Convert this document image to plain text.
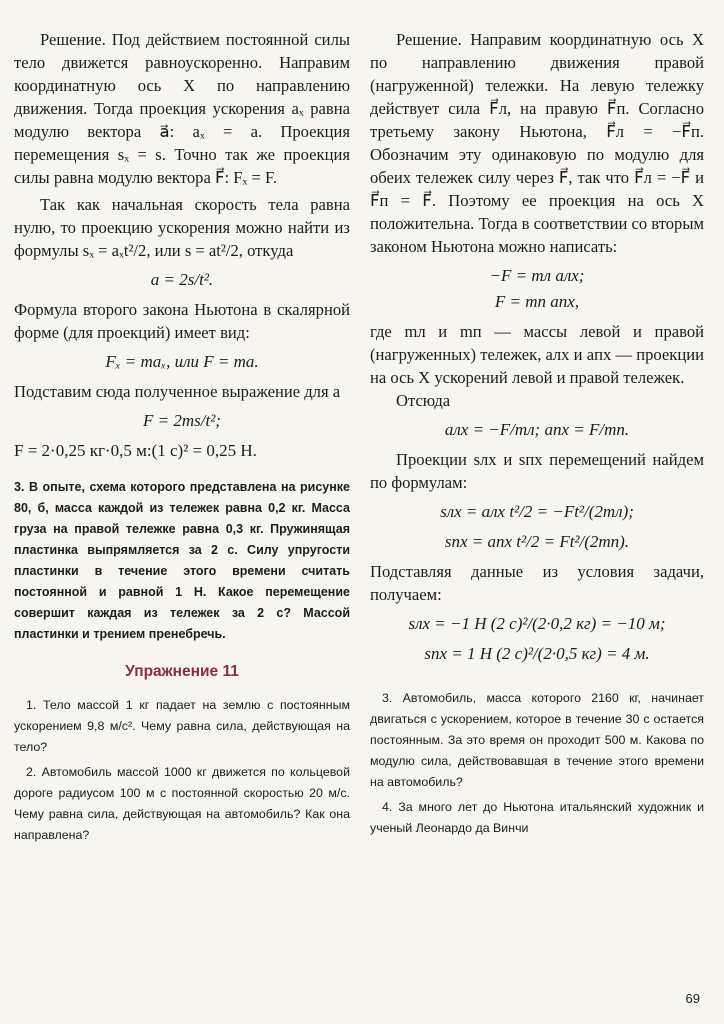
Решение. Под действием постоянной силы тело движется равноускоренно. Направим координатную ось X по направлению движения. Тогда проекция ускорения aₓ равна модулю вектора a⃗: aₓ = a. Проекция перемещения sₓ = s. Точно так же проекция силы равна модулю вектора F⃗: Fₓ = F.

Так как начальная скорость тела равна нулю, то проекцию ускорения можно найти из формулы sₓ = aₓt²/2, или s = at²/2, откуда

a = 2s/t².

Формула второго закона Ньютона в скалярной форме (для проекций) имеет вид:

Fₓ = maₓ, или F = ma.

Подставим сюда полученное выражение для a

F = 2ms/t²;

F = 2·0,25 кг·0,5 м:(1 с)² = 0,25 Н.

3. В опыте, схема которого представлена на рисунке 80, б, масса каждой из тележек равна 0,2 кг. Масса груза на правой тележке равна 0,3 кг. Пружинящая пластинка выпрямляется за 2 с. Силу упругости пластинки в течение этого времени считать постоянной и равной 1 Н. Какое перемещение совершит каждая из тележек за 2 с? Массой пластинки и трением пренебречь.

Упражнение 11

1. Тело массой 1 кг падает на землю с постоянным ускорением 9,8 м/с². Чему равна сила, действующая на тело?

2. Автомобиль массой 1000 кг движется по кольцевой дороге радиусом 100 м с постоянной скоростью 20 м/с. Чему равна сила, действующая на автомобиль? Как она направлена?

Решение. Направим координатную ось X по направлению движения правой (нагруженной) тележки. На левую тележку действует сила F⃗л, на правую F⃗п. Согласно третьему закону Ньютона, F⃗л = −F⃗п. Обозначим эту одинаковую по модулю для обеих тележек силу через F⃗, так что F⃗л = −F⃗ и F⃗п = F⃗. Поэтому ее проекция на ось X положительна. Тогда в соответствии со вторым законом Ньютона можно написать:

−F = mл aлx;

F = mп aпx,

где mл и mп — массы левой и правой (нагруженных) тележек, aлx и aпx — проекции на ось X ускорений левой и правой тележек.

Отсюда

aлx = −F/mл; aпx = F/mп.

Проекции sлx и sпx перемещений найдем по формулам:

sлx = aлx t²/2 = −Ft²/(2mл);

sпx = aпx t²/2 = Ft²/(2mп).

Подставляя данные из условия задачи, получаем:

sлx = −1 Н (2 с)²/(2·0,2 кг) = −10 м;

sпx = 1 Н (2 с)²/(2·0,5 кг) = 4 м.

3. Автомобиль, масса которого 2160 кг, начинает двигаться с ускорением, которое в течение 30 с остается постоянным. За это время он проходит 500 м. Какова по модулю сила, действовавшая в течение этого времени на автомобиль?

4. За много лет до Ньютона итальянский художник и ученый Леонардо да Винчи

69
